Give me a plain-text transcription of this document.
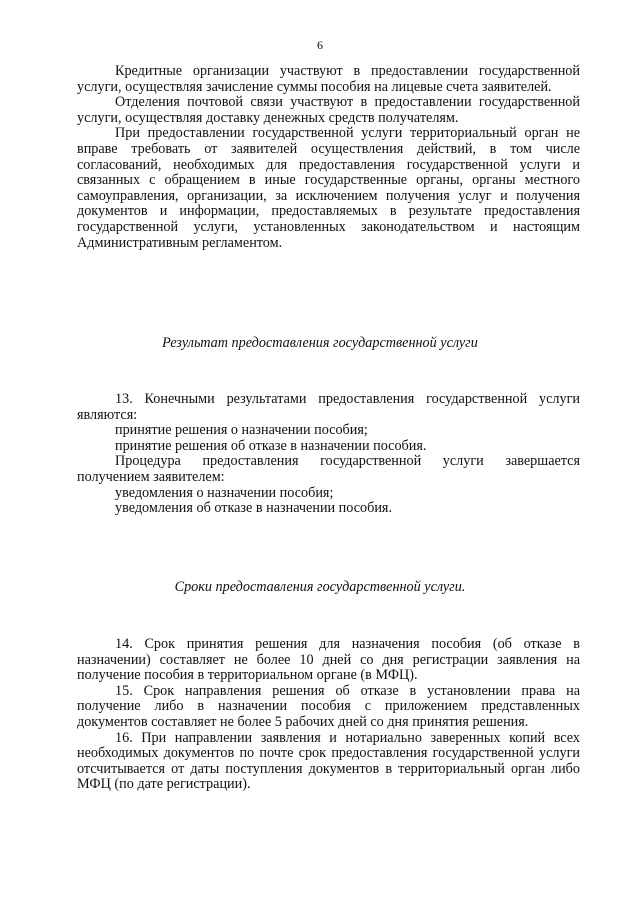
6

Кредитные организации участвуют в предоставлении государственной услуги, осуществляя зачисление суммы пособия на лицевые счета заявителей.

Отделения почтовой связи участвуют в предоставлении государственной услуги, осуществляя доставку денежных средств получателям.

При предоставлении государственной услуги территориальный орган не вправе требовать от заявителей осуществления действий, в том числе согласований, необходимых для предоставления государственной услуги и связанных с обращением в иные государственные органы, органы местного самоуправления, организации, за исключением получения услуг и получения документов и информации, предоставляемых в результате предоставления государственной услуги, установленных законодательством и настоящим Административным регламентом.

Результат предоставления государственной услуги

13. Конечными результатами предоставления государственной услуги являются:

принятие решения о назначении пособия;

принятие решения об отказе в назначении пособия.

Процедура предоставления государственной услуги завершается получением заявителем:

уведомления о назначении пособия;

уведомления об отказе в назначении пособия.

Сроки предоставления государственной услуги.

14. Срок принятия решения для назначения пособия (об отказе в назначении) составляет не более 10 дней со дня регистрации заявления на получение пособия в территориальном органе (в МФЦ).

15. Срок направления решения об отказе в установлении права на получение либо в назначении пособия с приложением представленных документов составляет не более 5 рабочих дней со дня принятия решения.

16. При направлении заявления и нотариально заверенных копий всех необходимых документов по почте срок предоставления государственной услуги отсчитывается от даты поступления документов в территориальный орган либо МФЦ (по дате регистрации).
